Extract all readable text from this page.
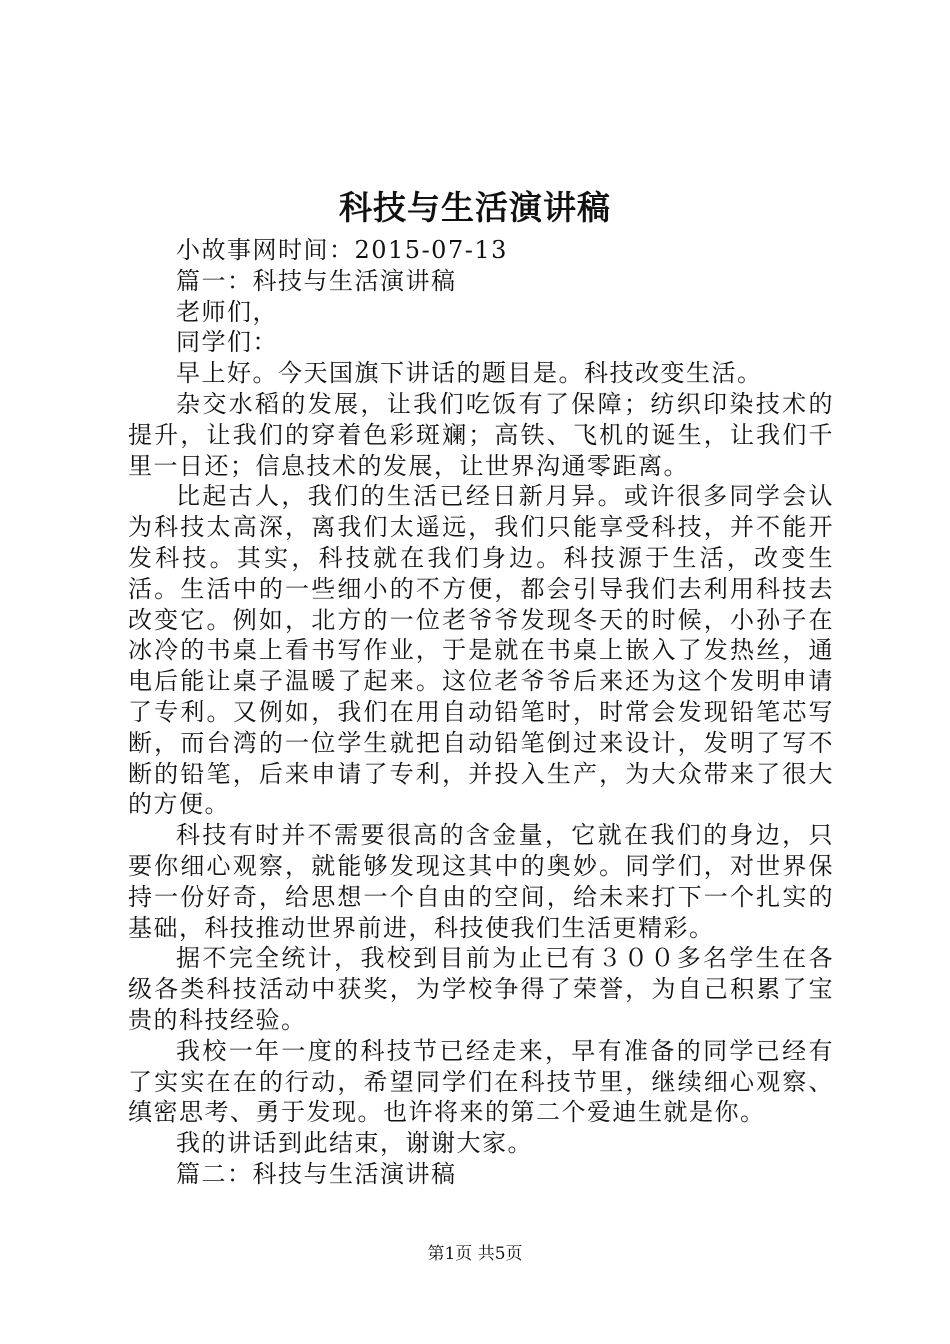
科技与生活演讲稿

小故事网时间：2015-07-13

篇一：科技与生活演讲稿

老师们，

同学们：

早上好。今天国旗下讲话的题目是。科技改变生活。

杂交水稻的发展，让我们吃饭有了保障；纺织印染技术的提升，让我们的穿着色彩斑斓；高铁、飞机的诞生，让我们千里一日还；信息技术的发展，让世界沟通零距离。

比起古人，我们的生活已经日新月异。或许很多同学会认为科技太高深，离我们太遥远，我们只能享受科技，并不能开发科技。其实，科技就在我们身边。科技源于生活，改变生活。生活中的一些细小的不方便，都会引导我们去利用科技去改变它。例如，北方的一位老爷爷发现冬天的时候，小孙子在冰冷的书桌上看书写作业，于是就在书桌上嵌入了发热丝，通电后能让桌子温暖了起来。这位老爷爷后来还为这个发明申请了专利。又例如，我们在用自动铅笔时，时常会发现铅笔芯写断，而台湾的一位学生就把自动铅笔倒过来设计，发明了写不断的铅笔，后来申请了专利，并投入生产，为大众带来了很大的方便。

科技有时并不需要很高的含金量，它就在我们的身边，只要你细心观察，就能够发现这其中的奥妙。同学们，对世界保持一份好奇，给思想一个自由的空间，给未来打下一个扎实的基础，科技推动世界前进，科技使我们生活更精彩。

据不完全统计，我校到目前为止已有３００多名学生在各级各类科技活动中获奖，为学校争得了荣誉，为自己积累了宝贵的科技经验。

我校一年一度的科技节已经走来，早有准备的同学已经有了实实在在的行动，希望同学们在科技节里，继续细心观察、缜密思考、勇于发现。也许将来的第二个爱迪生就是你。

我的讲话到此结束，谢谢大家。

篇二：科技与生活演讲稿

第1页 共5页
